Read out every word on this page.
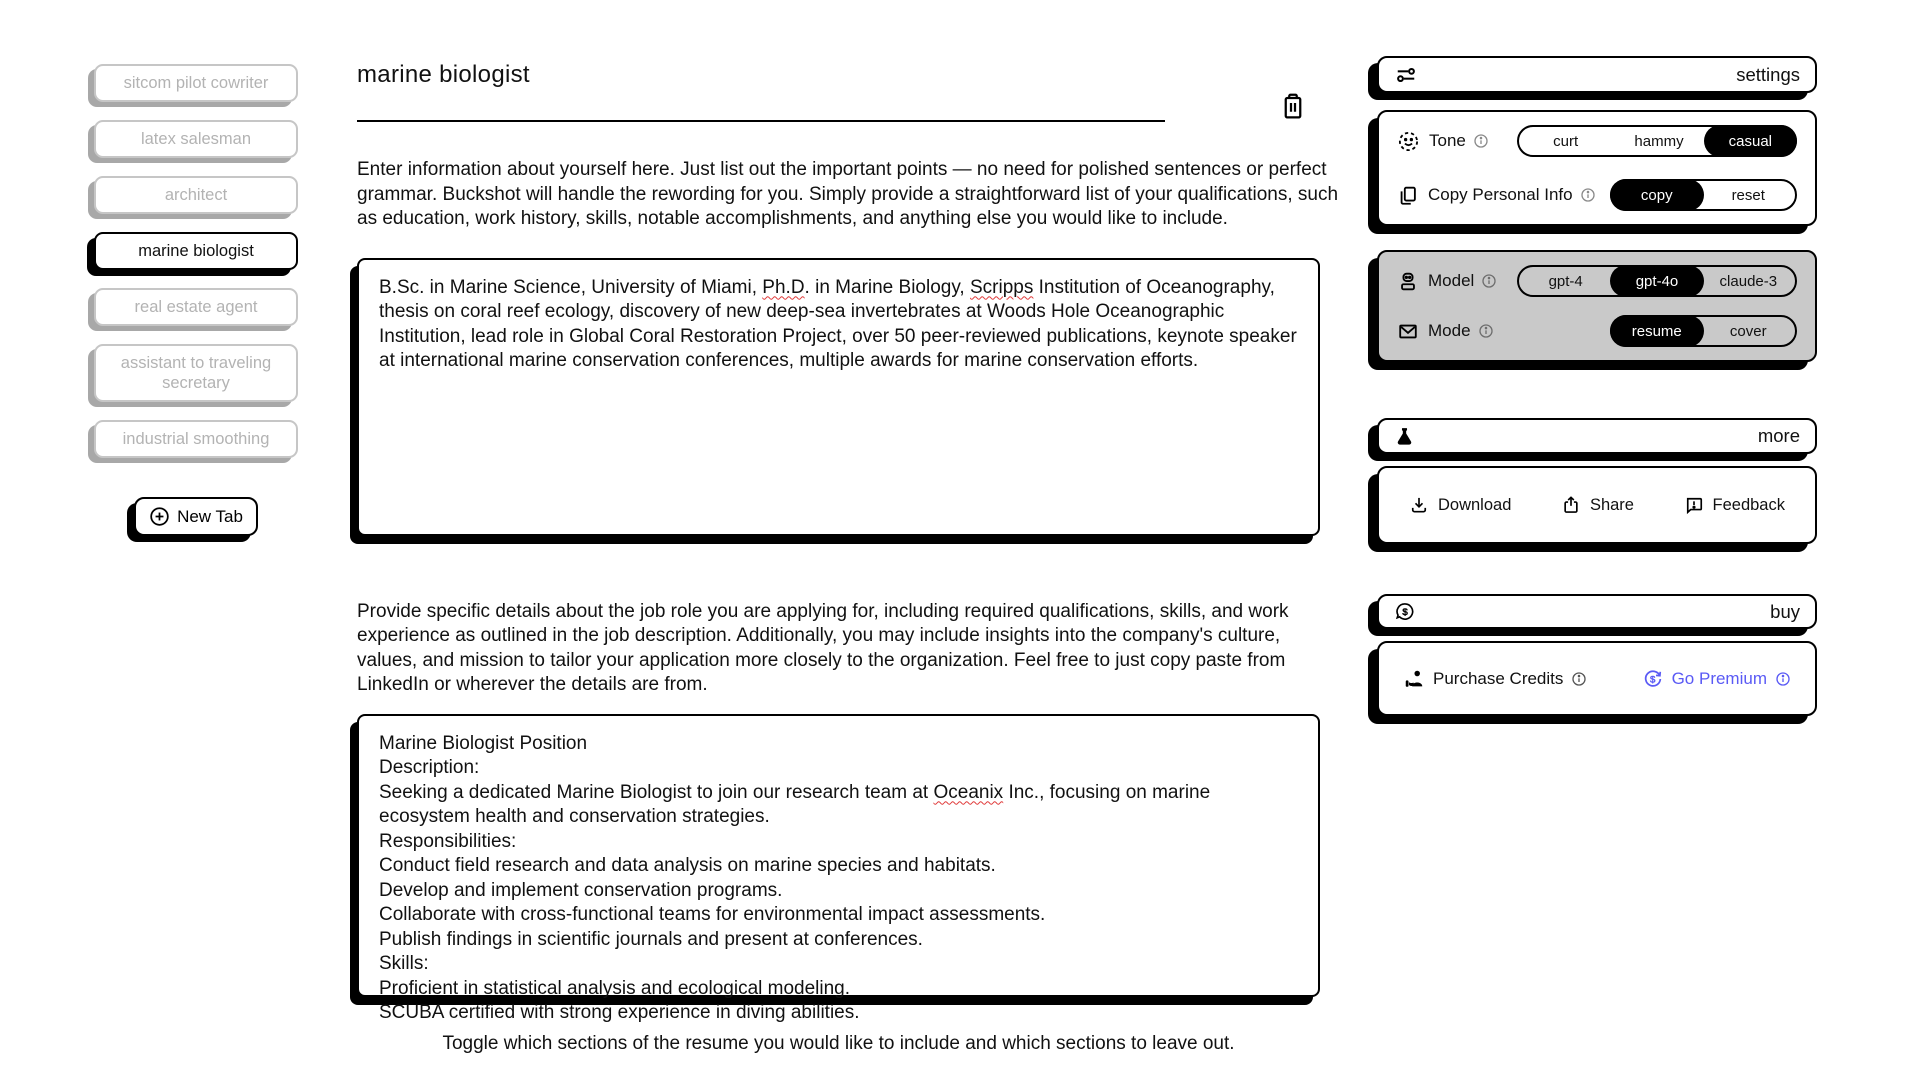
sitcom pilot cowriter
latex salesman
architect
marine biologist
real estate agent
assistant to traveling secretary
industrial smoothing
New Tab
marine biologist

Enter information about yourself here. Just list out the important points — no need for polished sentences or perfect grammar. Buckshot will handle the rewording for you. Simply provide a straightforward list of your qualifications, such as education, work history, skills, notable accomplishments, and anything else you would like to include.

B.Sc. in Marine Science, University of Miami, Ph.D. in Marine Biology, Scripps Institution of Oceanography, thesis on coral reef ecology, discovery of new deep-sea invertebrates at Woods Hole Oceanographic Institution, lead role in Global Coral Restoration Project, over 50 peer-reviewed publications, keynote speaker at international marine conservation conferences, multiple awards for marine conservation efforts.

Provide specific details about the job role you are applying for, including required qualifications, skills, and work experience as outlined in the job description. Additionally, you may include insights into the company's culture, values, and mission to tailor your application more closely to the organization. Feel free to just copy paste from LinkedIn or wherever the details are from.

Marine Biologist Position
Description:
Seeking a dedicated Marine Biologist to join our research team at Oceanix Inc., focusing on marine ecosystem health and conservation strategies.
Responsibilities:
Conduct field research and data analysis on marine species and habitats.
Develop and implement conservation programs.
Collaborate with cross-functional teams for environmental impact assessments.
Publish findings in scientific journals and present at conferences.
Skills:
Proficient in statistical analysis and ecological modeling.
SCUBA certified with strong experience in diving abilities.

Toggle which sections of the resume you would like to include and which sections to leave out.

settings
Tone	curt	hammy	casual
Copy Personal Info	copy	reset
Model	gpt-4	gpt-4o	claude-3
Mode	resume	cover
more
Download	Share	Feedback
$	buy
Purchase Credits	$ Go Premium
